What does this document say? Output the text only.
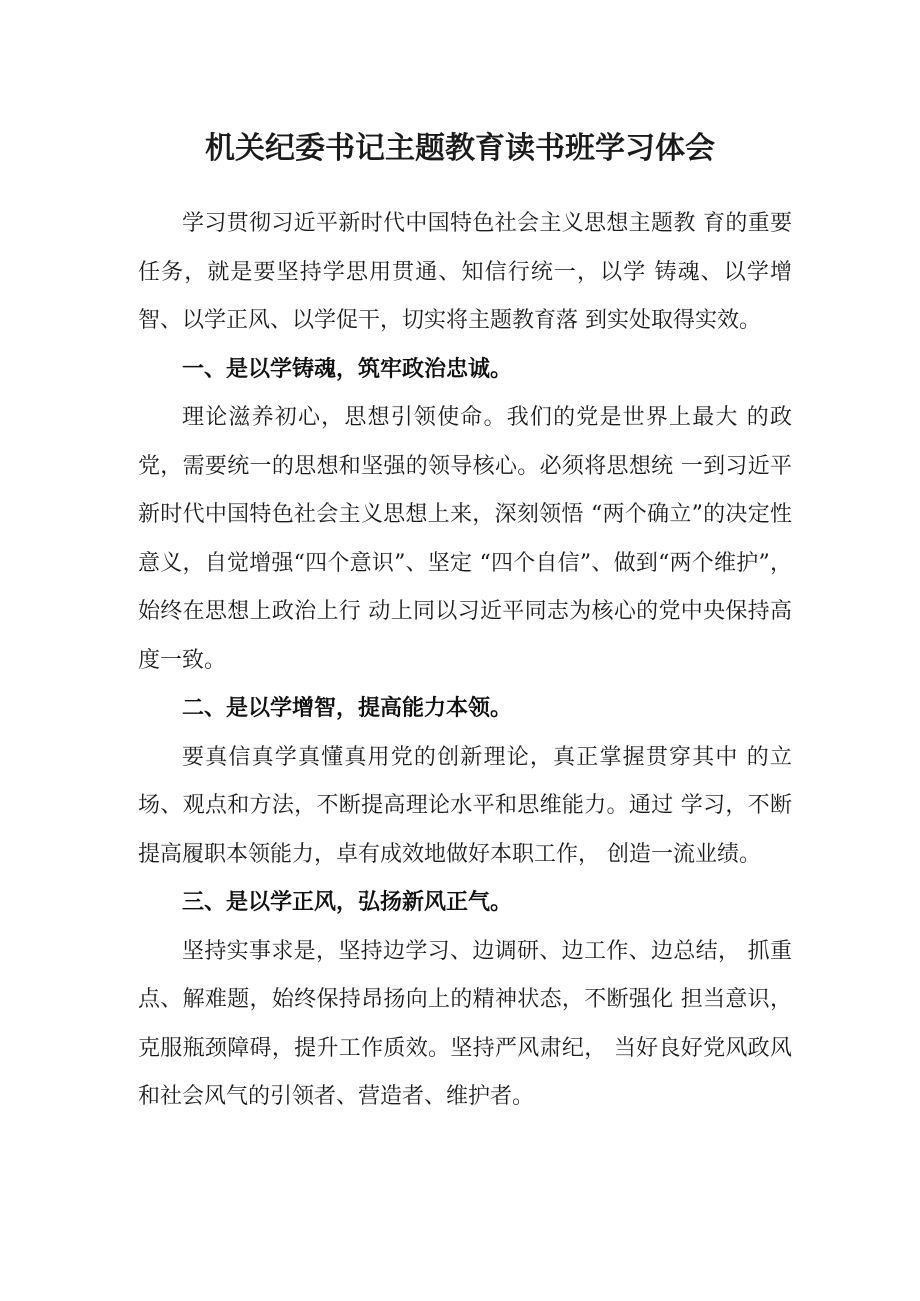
机关纪委书记主题教育读书班学习体会

学习贯彻习近平新时代中国特色社会主义思想主题教 育的重要任务，就是要坚持学思用贯通、知信行统一，以学 铸魂、以学增智、以学正风、以学促干，切实将主题教育落 到实处取得实效。

一、是以学铸魂，筑牢政治忠诚。

理论滋养初心，思想引领使命。我们的党是世界上最大 的政党，需要统一的思想和坚强的领导核心。必须将思想统 一到习近平新时代中国特色社会主义思想上来，深刻领悟 “两个确立”的决定性意义，自觉增强“四个意识”、坚定 “四个自信”、做到“两个维护”，始终在思想上政治上行 动上同以习近平同志为核心的党中央保持高度一致。

二、是以学增智，提高能力本领。

要真信真学真懂真用党的创新理论，真正掌握贯穿其中 的立场、观点和方法，不断提高理论水平和思维能力。通过 学习，不断提高履职本领能力，卓有成效地做好本职工作， 创造一流业绩。

三、是以学正风，弘扬新风正气。

坚持实事求是，坚持边学习、边调研、边工作、边总结， 抓重点、解难题，始终保持昂扬向上的精神状态，不断强化 担当意识，克服瓶颈障碍，提升工作质效。坚持严风肃纪， 当好良好党风政风和社会风气的引领者、营造者、维护者。
